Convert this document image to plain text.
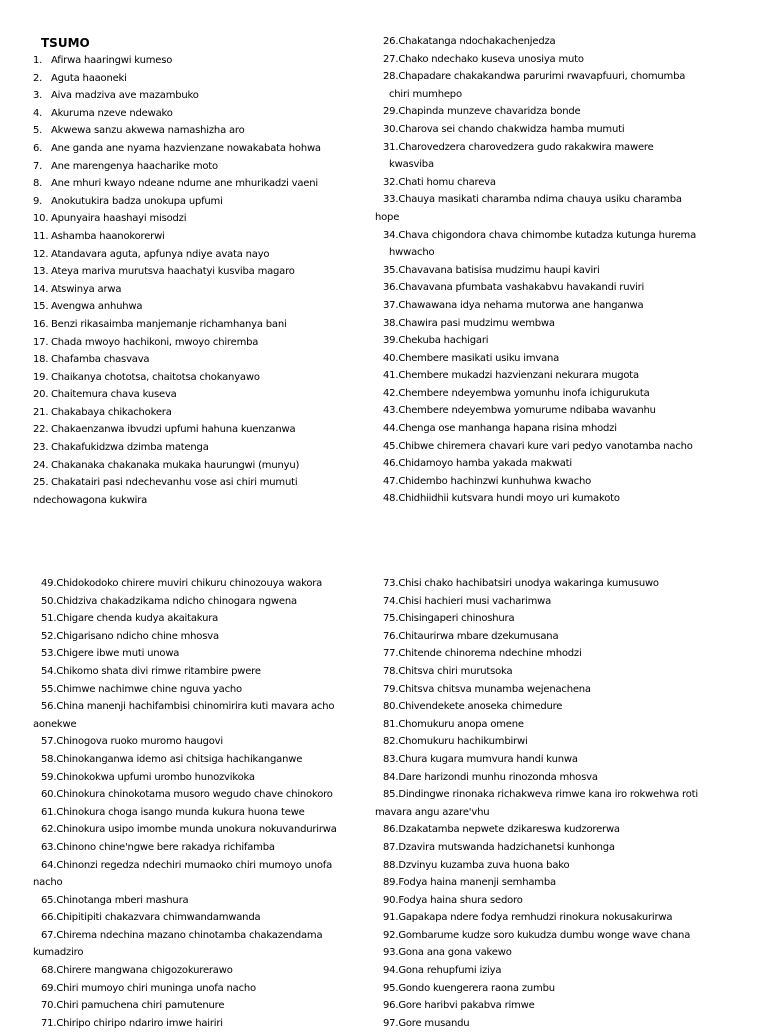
TSUMO
1. Afirwa haaringwi kumeso
2. Aguta haaoneki
3. Aiva madziva ave mazambuko
4. Akuruma nzeve ndewako
5. Akwewa sanzu akwewa namashizha aro
6. Ane ganda ane nyama hazvienzane nowakabata hohwa
7. Ane marengenya haacharike moto
8. Ane mhuri kwayo ndeane ndume ane mhurikadzi vaeni
9. Anokutukira badza unokupa upfumi
10. Apunyaira haashayi misodzi
11. Ashamba haanokorerwi
12. Atandavara aguta, apfunya ndiye avata nayo
13. Ateya mariva murutsva haachatyi kusviba magaro
14. Atswinya arwa
15. Avengwa anhuhwa
16. Benzi rikasaimba manjemanje richamhanya bani
17. Chada mwoyo hachikoni, mwoyo chiremba
18. Chafamba chasvava
19. Chaikanya chototsa, chaitotsa chokanyawo
20. Chaitemura chava kuseva
21. Chakabaya chikachokera
22. Chakaenzanwa ibvudzi upfumi hahuna kuenzanwa
23. Chakafukidzwa dzimba matenga
24. Chakanaka chakanaka mukaka haurungwi (munyu)
25. Chakatairi pasi ndechevanhu vose asi chiri mumuti
ndechowagona kukwira
26.Chakatanga ndochakachenjedza
27.Chako ndechako kuseva unosiya muto
28.Chapadare chakakandwa parurimi rwavapfuuri, chomumba
chiri mumhepo
29.Chapinda munzeve chavaridza bonde
30.Charova sei chando chakwidza hamba mumuti
31.Charovedzera charovedzera gudo rakakwira mawere
kwasviba
32.Chati homu chareva
33.Chauya masikati charamba ndima chauya usiku charamba
hope
34.Chava chigondora chava chimombe kutadza kutunga hurema
hwwacho
35.Chavavana batisisa mudzimu haupi kaviri
36.Chavavana pfumbata vashakabvu havakandi ruviri
37.Chawawana idya nehama mutorwa ane hanganwa
38.Chawira pasi mudzimu wembwa
39.Chekuba hachigari
40.Chembere masikati usiku imvana
41.Chembere mukadzi hazvienzani nekurara mugota
42.Chembere ndeyembwa yomunhu inofa ichigurukuta
43.Chembere ndeyembwa yomurume ndibaba wavanhu
44.Chenga ose manhanga hapana risina mhodzi
45.Chibwe chiremera chavari kure vari pedyo vanotamba nacho
46.Chidamoyo hamba yakada makwati
47.Chidembo hachinzwi kunhuhwa kwacho
48.Chidhiidhii kutsvara hundi moyo uri kumakoto
49.Chidokodoko chirere muviri chikuru chinozouya wakora
50.Chidziva chakadzikama ndicho chinogara ngwena
51.Chigare chenda kudya akaitakura
52.Chigarisano ndicho chine mhosva
53.Chigere ibwe muti unowa
54.Chikomo shata divi rimwe ritambire pwere
55.Chimwe nachimwe chine nguva yacho
56.China manenji hachifambisi chinomirira kuti mavara acho
aonekwe
57.Chinogova ruoko muromo haugovi
58.Chinokanganwa idemo asi chitsiga hachikanganwe
59.Chinokokwa upfumi urombo hunozvikoka
60.Chinokura chinokotama musoro wegudo chave chinokoro
61.Chinokura choga isango munda kukura huona tewe
62.Chinokura usipo imombe munda unokura nokuvandurirwa
63.Chinono chine'ngwe bere rakadya richifamba
64.Chinonzi regedza ndechiri mumaoko chiri mumoyo unofa
nacho
65.Chinotanga mberi mashura
66.Chipitipiti chakazvara chimwandamwanda
67.Chirema ndechina mazano chinotamba chakazendama
kumadziro
68.Chirere mangwana chigozokurerawo
69.Chiri mumoyo chiri muninga unofa nacho
70.Chiri pamuchena chiri pamutenure
71.Chiripo chiripo ndariro imwe hairiri
73.Chisi chako hachibatsiri unodya wakaringa kumusuwo
74.Chisi hachieri musi vacharimwa
75.Chisingaperi chinoshura
76.Chitaurirwa mbare dzekumusana
77.Chitende chinorema ndechine mhodzi
78.Chitsva chiri murutsoka
79.Chitsva chitsva munamba wejenachena
80.Chivendekete anoseka chimedure
81.Chomukuru anopa omene
82.Chomukuru hachikumbirwi
83.Chura kugara mumvura handi kunwa
84.Dare harizondi munhu rinozonda mhosva
85.Dindingwe rinonaka richakweva rimwe kana iro rokwehwa roti
mavara angu azare'vhu
86.Dzakatamba nepwete dzikareswa kudzorerwa
87.Dzavira mutswanda hadzichanetsi kunhonga
88.Dzvinyu kuzamba zuva huona bako
89.Fodya haina manenji semhamba
90.Fodya haina shura sedoro
91.Gapakapa ndere fodya remhudzi rinokura nokusakurirwa
92.Gombarume kudze soro kukudza dumbu wonge wave chana
93.Gona ana gona vakewo
94.Gona rehupfumi iziya
95.Gondo kuengerera raona zumbu
96.Gore haribvi pakabva rimwe
97.Gore musandu
